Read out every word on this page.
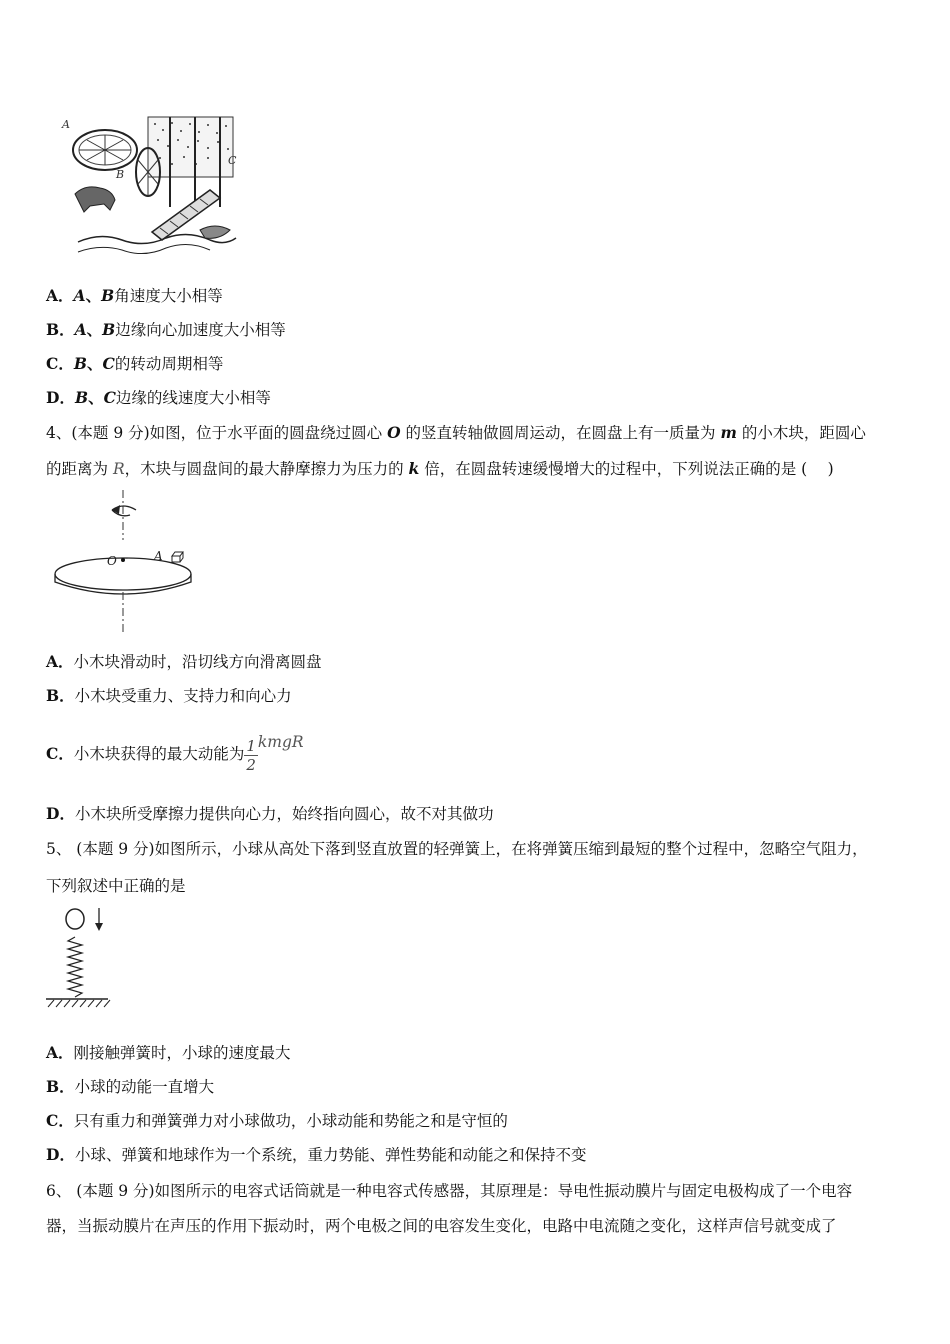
A
B
C
A．A、B角速度大小相等
B．A、B边缘向心加速度大小相等
C．B、C的转动周期相等
D．B、C边缘的线速度大小相等
4、(本题 9 分)如图，位于水平面的圆盘绕过圆心 O 的竖直转轴做圆周运动，在圆盘上有一质量为 m 的小木块，距圆心
的距离为 R，木块与圆盘间的最大静摩擦力为压力的 k 倍，在圆盘转速缓慢增大的过程中，下列说法正确的是 (　 )
O	A
A．小木块滑动时，沿切线方向滑离圆盘
B．小木块受重力、支持力和向心力
C．小木块获得的最大动能为 $\frac{1}{2}$ kmgR
D．小木块所受摩擦力提供向心力，始终指向圆心，故不对其做功
5、 (本题 9 分)如图所示，小球从高处下落到竖直放置的轻弹簧上，在将弹簧压缩到最短的整个过程中，忽略空气阻力，
下列叙述中正确的是
A．刚接触弹簧时，小球的速度最大
B．小球的动能一直增大
C．只有重力和弹簧弹力对小球做功，小球动能和势能之和是守恒的
D．小球、弹簧和地球作为一个系统，重力势能、弹性势能和动能之和保持不变
6、 (本题 9 分)如图所示的电容式话筒就是一种电容式传感器，其原理是：导电性振动膜片与固定电极构成了一个电容
器，当振动膜片在声压的作用下振动时，两个电极之间的电容发生变化，电路中电流随之变化，这样声信号就变成了
